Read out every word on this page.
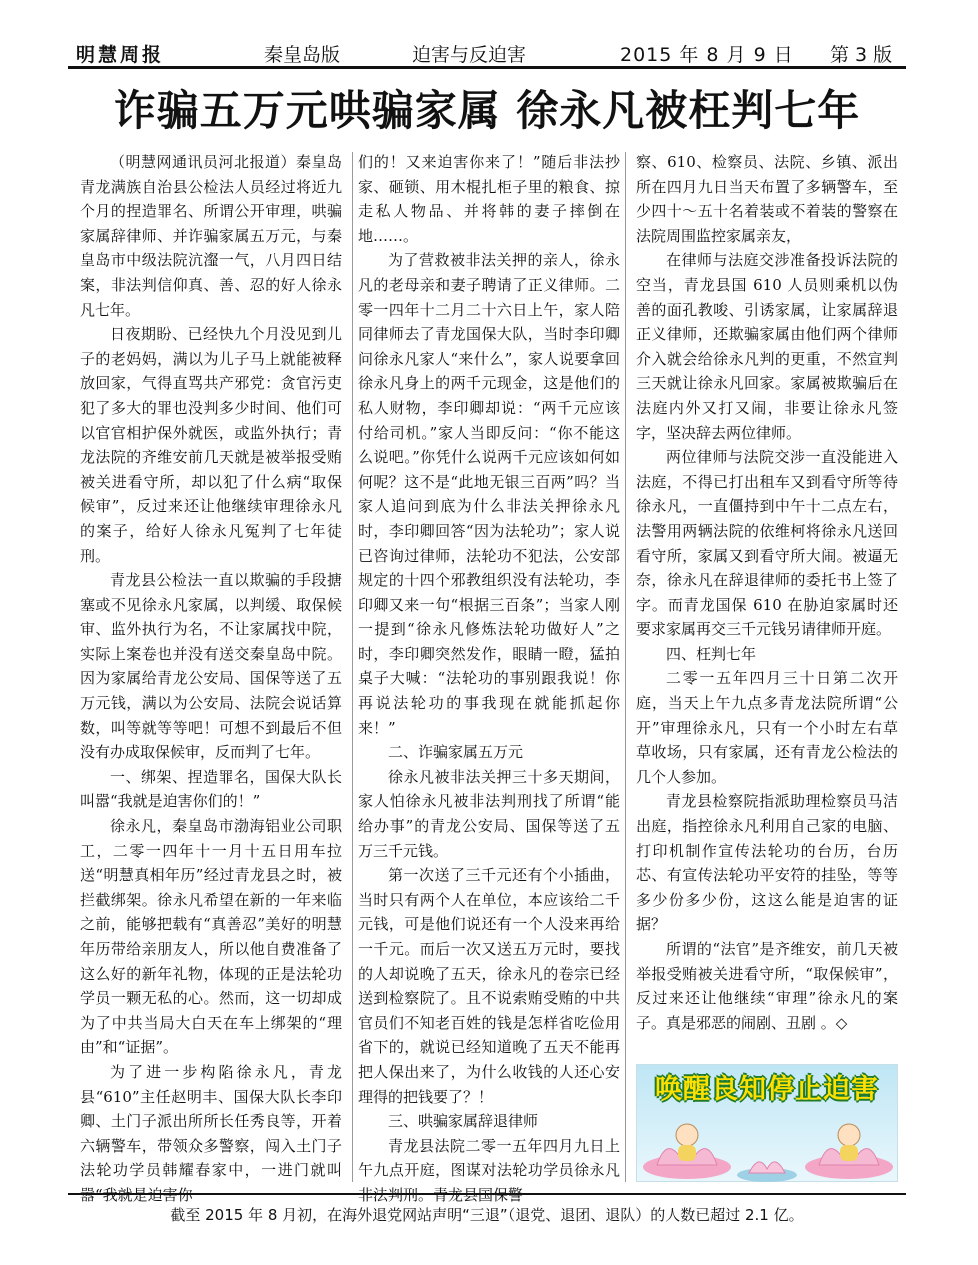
明慧周报	秦皇岛版	迫害与反迫害	2015 年 8 月 9 日 第 3 版
诈骗五万元哄骗家属 徐永凡被枉判七年

（明慧网通讯员河北报道）秦皇岛青龙满族自治县公检法人员经过将近九个月的捏造罪名、所谓公开审理，哄骗家属辞律师、并诈骗家属五万元，与秦皇岛市中级法院沆瀣一气，八月四日结案，非法判信仰真、善、忍的好人徐永凡七年。

日夜期盼、已经快九个月没见到儿子的老妈妈，满以为儿子马上就能被释放回家，气得直骂共产邪党：贪官污吏犯了多大的罪也没判多少时间、他们可以官官相护保外就医，或监外执行；青龙法院的齐维安前几天就是被举报受贿被关进看守所，却以犯了什么病“取保候审”，反过来还让他继续审理徐永凡的案子，给好人徐永凡冤判了七年徒刑。

青龙县公检法一直以欺骗的手段搪塞或不见徐永凡家属，以判缓、取保候审、监外执行为名，不让家属找中院，实际上案卷也并没有送交秦皇岛中院。因为家属给青龙公安局、国保等送了五万元钱，满以为公安局、法院会说话算数，叫等就等等吧！可想不到最后不但没有办成取保候审，反而判了七年。

一、绑架、捏造罪名，国保大队长叫嚣“我就是迫害你们的！”

徐永凡，秦皇岛市渤海铝业公司职工，二零一四年十一月十五日用车拉送“明慧真相年历”经过青龙县之时，被拦截绑架。徐永凡希望在新的一年来临之前，能够把载有“真善忍”美好的明慧年历带给亲朋友人，所以他自费准备了这么好的新年礼物，体现的正是法轮功学员一颗无私的心。然而，这一切却成为了中共当局大白天在车上绑架的“理由”和“证据”。

为了进一步构陷徐永凡，青龙县“610”主任赵明丰、国保大队长李印卿、土门子派出所所长任秀良等，开着六辆警车，带领众多警察，闯入土门子法轮功学员韩耀春家中，一进门就叫

们的！又来迫害你来了！”随后非法抄家、砸锁、用木棍扎柜子里的粮食、掠走私人物品、并将韩的妻子摔倒在地……。

为了营救被非法关押的亲人，徐永凡的老母亲和妻子聘请了正义律师。二零一四年十二月二十六日上午，家人陪同律师去了青龙国保大队，当时李印卿问徐永凡家人“来什么”，家人说要拿回徐永凡身上的两千元现金，这是他们的私人财物，李印卿却说：“两千元应该付给司机。”家人当即反问：“你不能这么说吧。”你凭什么说两千元应该如何如何呢？这不是“此地无银三百两”吗？当家人追问到底为什么非法关押徐永凡时，李印卿回答“因为法轮功”；家人说已咨询过律师，法轮功不犯法，公安部规定的十四个邪教组织没有法轮功，李印卿又来一句“根据三百条”；当家人刚一提到“徐永凡修炼法轮功做好人”之时，李印卿突然发作，眼睛一瞪，猛拍桌子大喊：“法轮功的事别跟我说！你再说法轮功的事我现在就能抓起你来！”

二、诈骗家属五万元

徐永凡被非法关押三十多天期间，家人怕徐永凡被非法判刑找了所谓“能给办事”的青龙公安局、国保等送了五万三千元钱。

第一次送了三千元还有个小插曲，当时只有两个人在单位，本应该给二千元钱，可是他们说还有一个人没来再给一千元。而后一次又送五万元时，要找的人却说晚了五天，徐永凡的卷宗已经送到检察院了。且不说索贿受贿的中共官员们不知老百姓的钱是怎样省吃俭用省下的，就说已经知道晚了五天不能再把人保出来了，为什么收钱的人还心安理得的把钱要了？！

三、哄骗家属辞退律师

青龙县法院二零一五年四月九日上午九点开庭，图谋对法轮功学员徐永凡

察、610、检察员、法院、乡镇、派出所在四月九日当天布置了多辆警车，至少四十～五十名着装或不着装的警察在法院周围监控家属亲友，

在律师与法庭交涉准备投诉法院的空当，青龙县国 610 人员则乘机以伪善的面孔教唆、引诱家属，让家属辞退正义律师，还欺骗家属由他们两个律师介入就会给徐永凡判的更重，不然宣判三天就让徐永凡回家。家属被欺骗后在法庭内外又打又闹，非要让徐永凡签字，坚决辞去两位律师。

两位律师与法院交涉一直没能进入法庭，不得已打出租车又到看守所等待徐永凡，一直僵持到中午十二点左右，法警用两辆法院的依维柯将徐永凡送回看守所，家属又到看守所大闹。被逼无奈，徐永凡在辞退律师的委托书上签了字。而青龙国保 610 在胁迫家属时还要求家属再交三千元钱另请律师开庭。

四、枉判七年

二零一五年四月三十日第二次开庭，当天上午九点多青龙法院所谓“公开”审理徐永凡，只有一个小时左右草草收场，只有家属，还有青龙公检法的几个人参加。

青龙县检察院指派助理检察员马洁出庭，指控徐永凡利用自己家的电脑、打印机制作宣传法轮功的台历，台历芯、有宣传法轮功平安符的挂坠，等等多少份多少份，这这么能是迫害的证据？

所谓的“法官”是齐维安，前几天被举报受贿被关进看守所，“取保候审”，反过来还让他继续“审理”徐永凡的案子。真是邪恶的闹剧、丑剧 。◇

唤醒良知停止迫害
截至 2015 年 8 月初，在海外退党网站声明“三退”（退党、退团、退队）的人数已超过 2.1 亿。
